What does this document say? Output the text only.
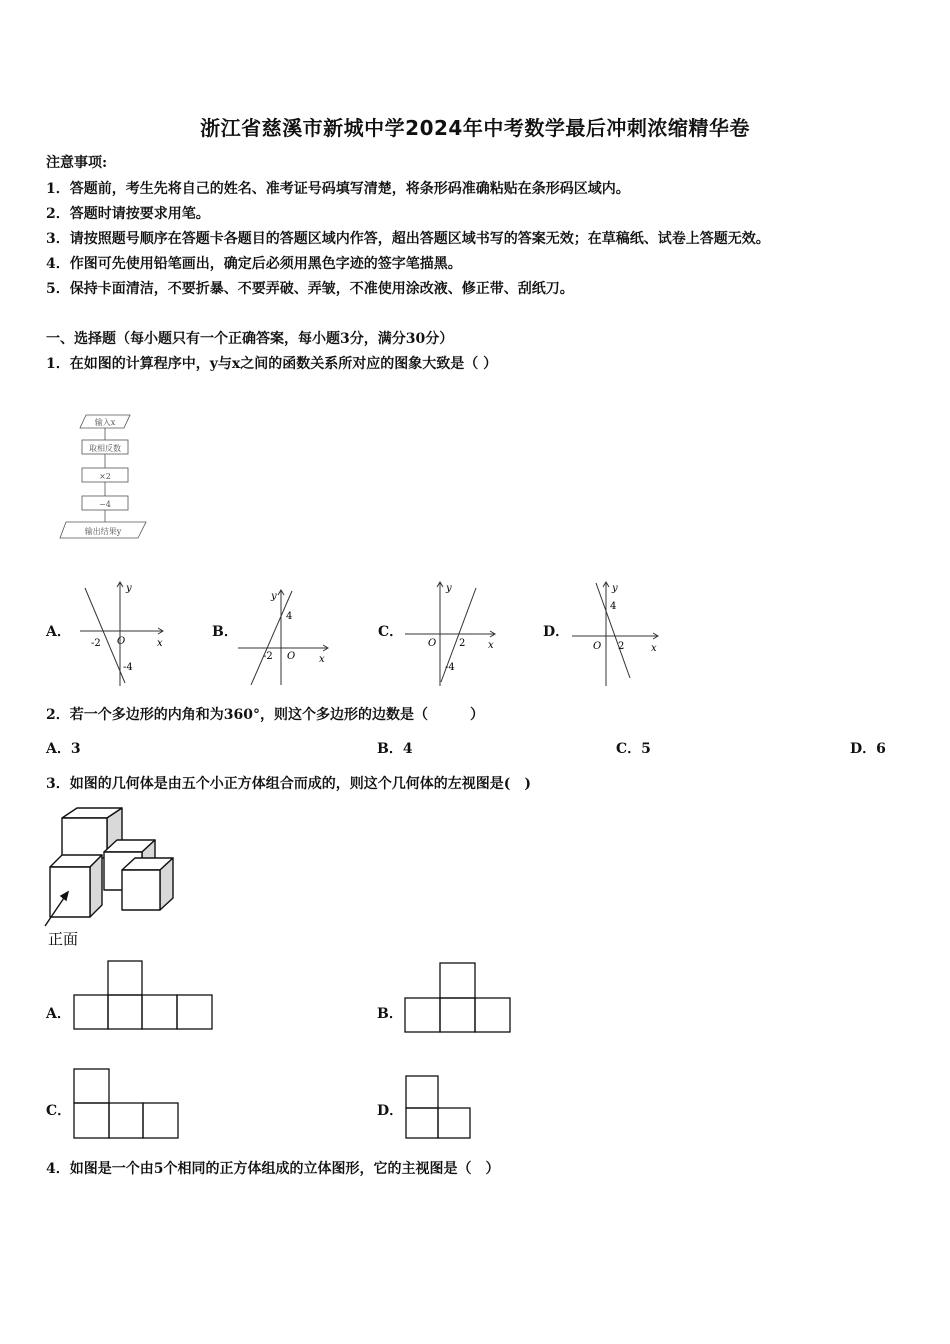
浙江省慈溪市新城中学2024年中考数学最后冲刺浓缩精华卷
注意事项:
1．答题前，考生先将自己的姓名、准考证号码填写清楚，将条形码准确粘贴在条形码区域内。
2．答题时请按要求用笔。
3．请按照题号顺序在答题卡各题目的答题区域内作答，超出答题区域书写的答案无效；在草稿纸、试卷上答题无效。
4．作图可先使用铅笔画出，确定后必须用黑色字迹的签字笔描黑。
5．保持卡面清洁，不要折暴、不要弄破、弄皱，不准使用涂改液、修正带、刮纸刀。
一、选择题（每小题只有一个正确答案，每小题3分，满分30分）
1．在如图的计算程序中，y与x之间的函数关系所对应的图象大致是（ ）
输入x
取相反数
×2
−4
输出结果y
A．	B．	C．	D．
y
x
O
-2
-4
y
x
O
-2
4
y
x
O 2
-4
y
x
O 2
4
2．若一个多边形的内角和为360°，则这个多边形的边数是（　　　）
A．3	B．4	C．5	D．6
3．如图的几何体是由五个小正方体组合而成的，则这个几何体的左视图是(　)
正面
A．	B．
C．	D．
4．如图是一个由5个相同的正方体组成的立体图形，它的主视图是（　）
